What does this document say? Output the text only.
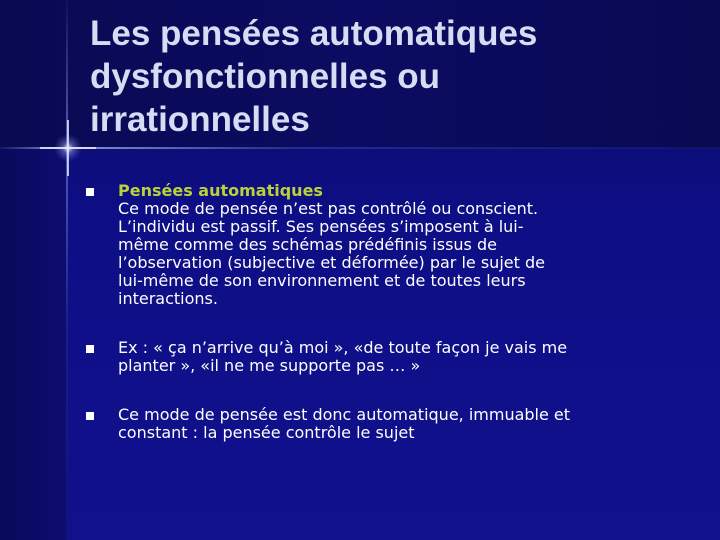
Les pensées automatiques
dysfonctionnelles ou
irrationnelles
Pensées automatiques
Ce mode de pensée n’est pas contrôlé ou conscient.
L’individu est passif. Ses pensées s’imposent à lui-
même comme des schémas prédéfinis issus de
l’observation (subjective et déformée) par le sujet de
lui-même de son environnement et de toutes leurs
interactions.
Ex : « ça n’arrive qu’à moi », «de toute façon je vais me
planter », «il ne me supporte pas … »
Ce mode de pensée est donc automatique, immuable et
constant : la pensée contrôle le sujet
